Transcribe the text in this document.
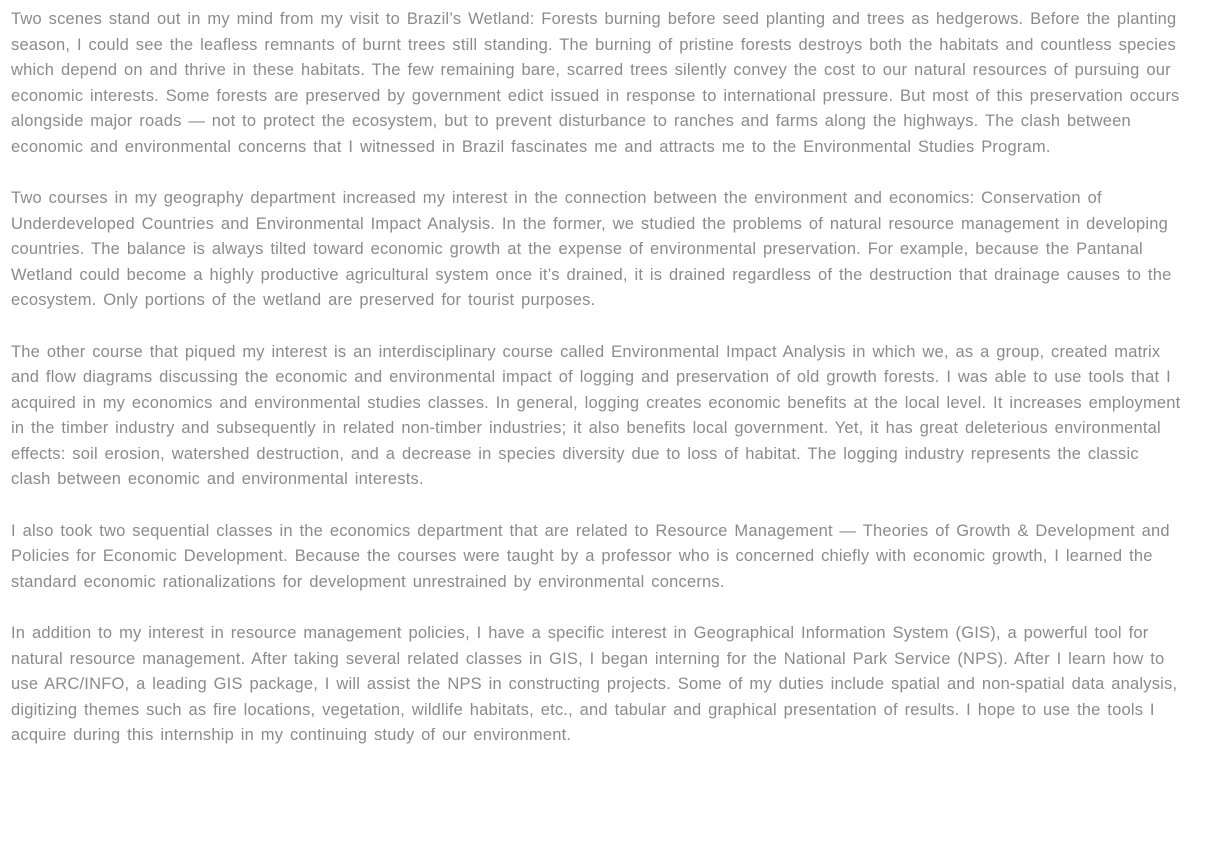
Two scenes stand out in my mind from my visit to Brazil’s Wetland: Forests burning before seed planting and trees as hedgerows. Before the planting season, I could see the leafless remnants of burnt trees still standing. The burning of pristine forests destroys both the habitats and countless species which depend on and thrive in these habitats. The few remaining bare, scarred trees silently convey the cost to our natural resources of pursuing our economic interests. Some forests are preserved by government edict issued in response to international pressure. But most of this preservation occurs alongside major roads — not to protect the ecosystem, but to prevent disturbance to ranches and farms along the highways. The clash between economic and environmental concerns that I witnessed in Brazil fascinates me and attracts me to the Environmental Studies Program.

Two courses in my geography department increased my interest in the connection between the environment and economics: Conservation of Underdeveloped Countries and Environmental Impact Analysis. In the former, we studied the problems of natural resource management in developing countries. The balance is always tilted toward economic growth at the expense of environmental preservation. For example, because the Pantanal Wetland could become a highly productive agricultural system once it’s drained, it is drained regardless of the destruction that drainage causes to the ecosystem. Only portions of the wetland are preserved for tourist purposes.

The other course that piqued my interest is an interdisciplinary course called Environmental Impact Analysis in which we, as a group, created matrix and flow diagrams discussing the economic and environmental impact of logging and preservation of old growth forests. I was able to use tools that I acquired in my economics and environmental studies classes. In general, logging creates economic benefits at the local level. It increases employment in the timber industry and subsequently in related non-timber industries; it also benefits local government. Yet, it has great deleterious environmental effects: soil erosion, watershed destruction, and a decrease in species diversity due to loss of habitat. The logging industry represents the classic clash between economic and environmental interests.

I also took two sequential classes in the economics department that are related to Resource Management — Theories of Growth & Development and Policies for Economic Development. Because the courses were taught by a professor who is concerned chiefly with economic growth, I learned the standard economic rationalizations for development unrestrained by environmental concerns.

In addition to my interest in resource management policies, I have a specific interest in Geographical Information System (GIS), a powerful tool for natural resource management. After taking several related classes in GIS, I began interning for the National Park Service (NPS). After I learn how to use ARC/INFO, a leading GIS package, I will assist the NPS in constructing projects. Some of my duties include spatial and non-spatial data analysis, digitizing themes such as fire locations, vegetation, wildlife habitats, etc., and tabular and graphical presentation of results. I hope to use the tools I acquire during this internship in my continuing study of our environment.
